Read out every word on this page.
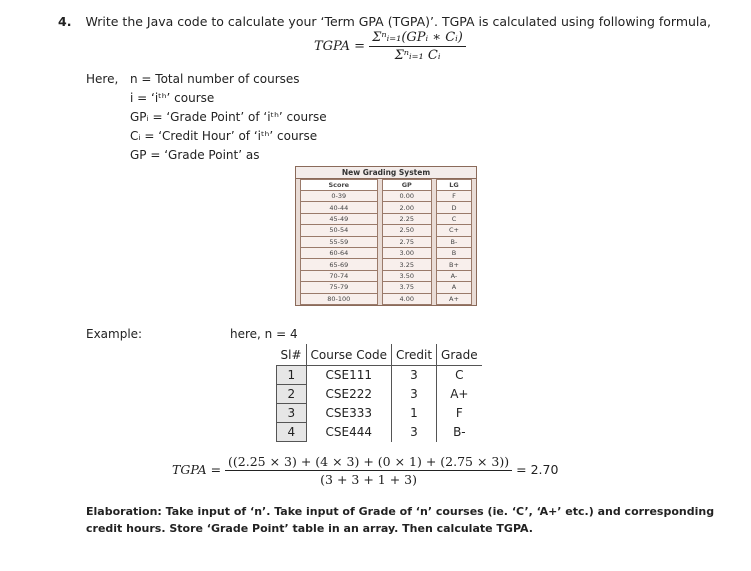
4. Write the Java code to calculate your ‘Term GPA (TGPA)’. TGPA is calculated using following formula,
TGPA = $\frac{\text{Σⁿᵢ₌₁(GPᵢ ∗ Cᵢ)}}{\text{Σⁿᵢ₌₁ Cᵢ}}$
Here, n = Total number of courses
i = ‘iᵗʰ’ course
GPᵢ = ‘Grade Point’ of ‘iᵗʰ’ course
Cᵢ = ‘Credit Hour’ of ‘iᵗʰ’ course
GP = ‘Grade Point’ as
New Grading System
	Score		GP		LG	
	0-39		0.00		F	
	40-44		2.00		D	
	45-49		2.25		C	
	50-54		2.50		C+	
	55-59		2.75		B-	
	60-64		3.00		B	
	65-69		3.25		B+	
	70-74		3.50		A-	
	75-79		3.75		A	
	80-100		4.00		A+	
Example:	here, n = 4
Sl#	Course Code	Credit	Grade
1	CSE111	3	C
2	CSE222	3	A+
3	CSE333	1	F
4	CSE444	3	B-
TGPA = $\frac{((2.25 \times 3) + (4 \times 3) + (0 \times 1) + (2.75 \times 3))}{(3 + 3 + 1 + 3)} = 2.70$
Elaboration: Take input of ‘n’. Take input of Grade of ‘n’ courses (ie. ‘C’, ‘A+’ etc.) and corresponding credit hours. Store ‘Grade Point’ table in an array. Then calculate TGPA.
